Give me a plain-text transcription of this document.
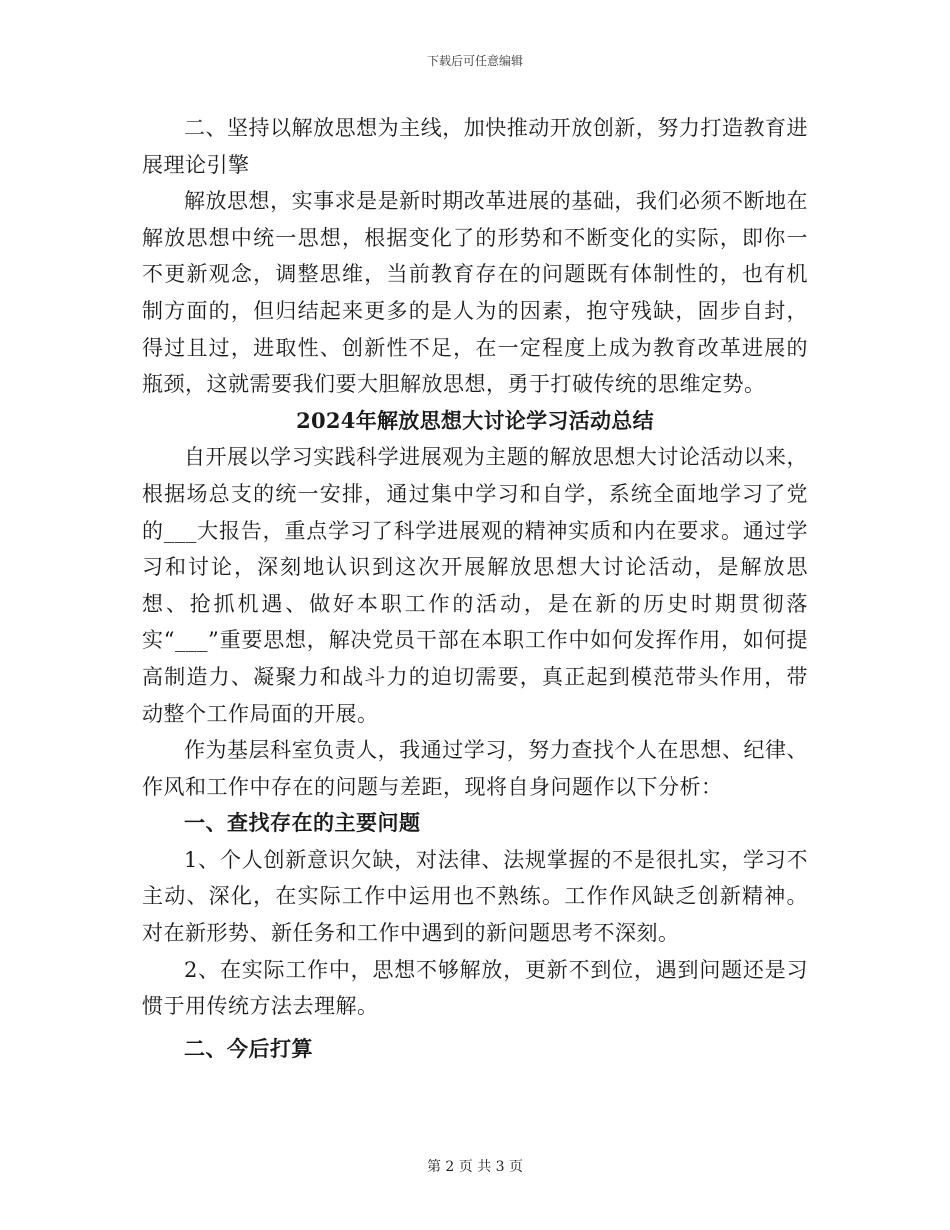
下载后可任意编辑

二、坚持以解放思想为主线，加快推动开放创新，努力打造教育进展理论引擎

解放思想，实事求是是新时期改革进展的基础，我们必须不断地在解放思想中统一思想，根据变化了的形势和不断变化的实际，即你一不更新观念，调整思维，当前教育存在的问题既有体制性的，也有机制方面的，但归结起来更多的是人为的因素，抱守残缺，固步自封，得过且过，进取性、创新性不足，在一定程度上成为教育改革进展的瓶颈，这就需要我们要大胆解放思想，勇于打破传统的思维定势。

2024年解放思想大讨论学习活动总结

自开展以学习实践科学进展观为主题的解放思想大讨论活动以来，根据场总支的统一安排，通过集中学习和自学，系统全面地学习了党的___大报告，重点学习了科学进展观的精神实质和内在要求。通过学习和讨论，深刻地认识到这次开展解放思想大讨论活动，是解放思想、抢抓机遇、做好本职工作的活动，是在新的历史时期贯彻落实“___”重要思想，解决党员干部在本职工作中如何发挥作用，如何提高制造力、凝聚力和战斗力的迫切需要，真正起到模范带头作用，带动整个工作局面的开展。

作为基层科室负责人，我通过学习，努力查找个人在思想、纪律、作风和工作中存在的问题与差距，现将自身问题作以下分析：

一、查找存在的主要问题

1、个人创新意识欠缺，对法律、法规掌握的不是很扎实，学习不主动、深化，在实际工作中运用也不熟练。工作作风缺乏创新精神。对在新形势、新任务和工作中遇到的新问题思考不深刻。

2、在实际工作中，思想不够解放，更新不到位，遇到问题还是习惯于用传统方法去理解。

二、今后打算

第 2 页 共 3 页
